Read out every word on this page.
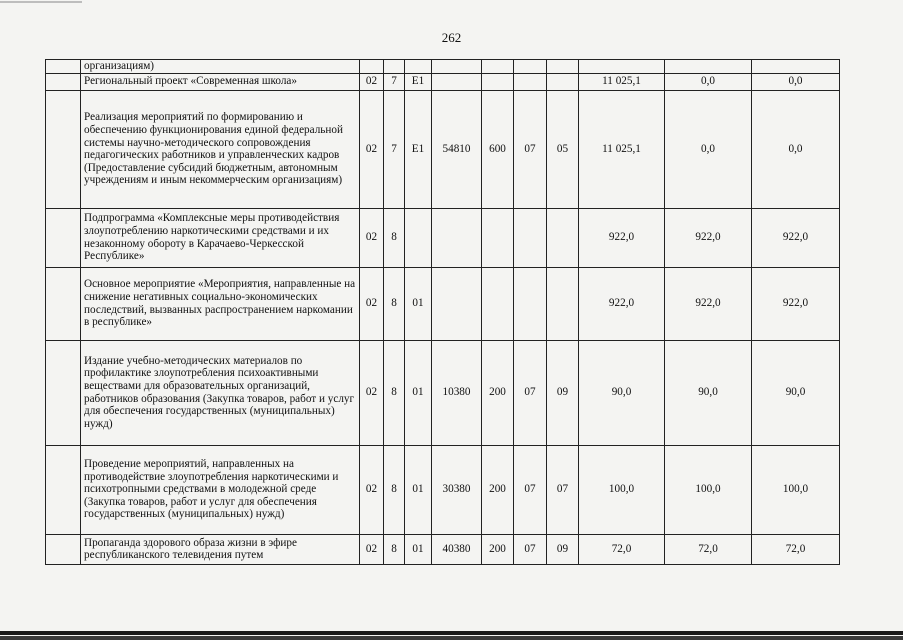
262
	организациям)										
	Региональный проект «Современная школа»	02	7	E1					11 025,1	0,0	0,0
	Реализация мероприятий по формированию и обеспечению функционирования единой федеральной системы научно-методического сопровождения педагогических работников и управленческих кадров (Предоставление субсидий бюджетным, автономным учреждениям и иным некоммерческим организациям)	02	7	E1	54810	600	07	05	11 025,1	0,0	0,0
	Подпрограмма «Комплексные меры противодействия злоупотреблению наркотическими средствами и их незаконному обороту в Карачаево-Черкесской Республике»	02	8						922,0	922,0	922,0
	Основное мероприятие «Мероприятия, направленные на снижение негативных социально-экономических последствий, вызванных распространением наркомании в республике»	02	8	01					922,0	922,0	922,0
	Издание учебно-методических материалов по профилактике злоупотребления психоактивными веществами для образовательных организаций, работников образования (Закупка товаров, работ и услуг для обеспечения государственных (муниципальных) нужд)	02	8	01	10380	200	07	09	90,0	90,0	90,0
	Проведение мероприятий, направленных на противодействие злоупотребления наркотическими и психотропными средствами в молодежной среде (Закупка товаров, работ и услуг для обеспечения государственных (муниципальных) нужд)	02	8	01	30380	200	07	07	100,0	100,0	100,0
	Пропаганда здорового образа жизни в эфире республиканского телевидения путем	02	8	01	40380	200	07	09	72,0	72,0	72,0
